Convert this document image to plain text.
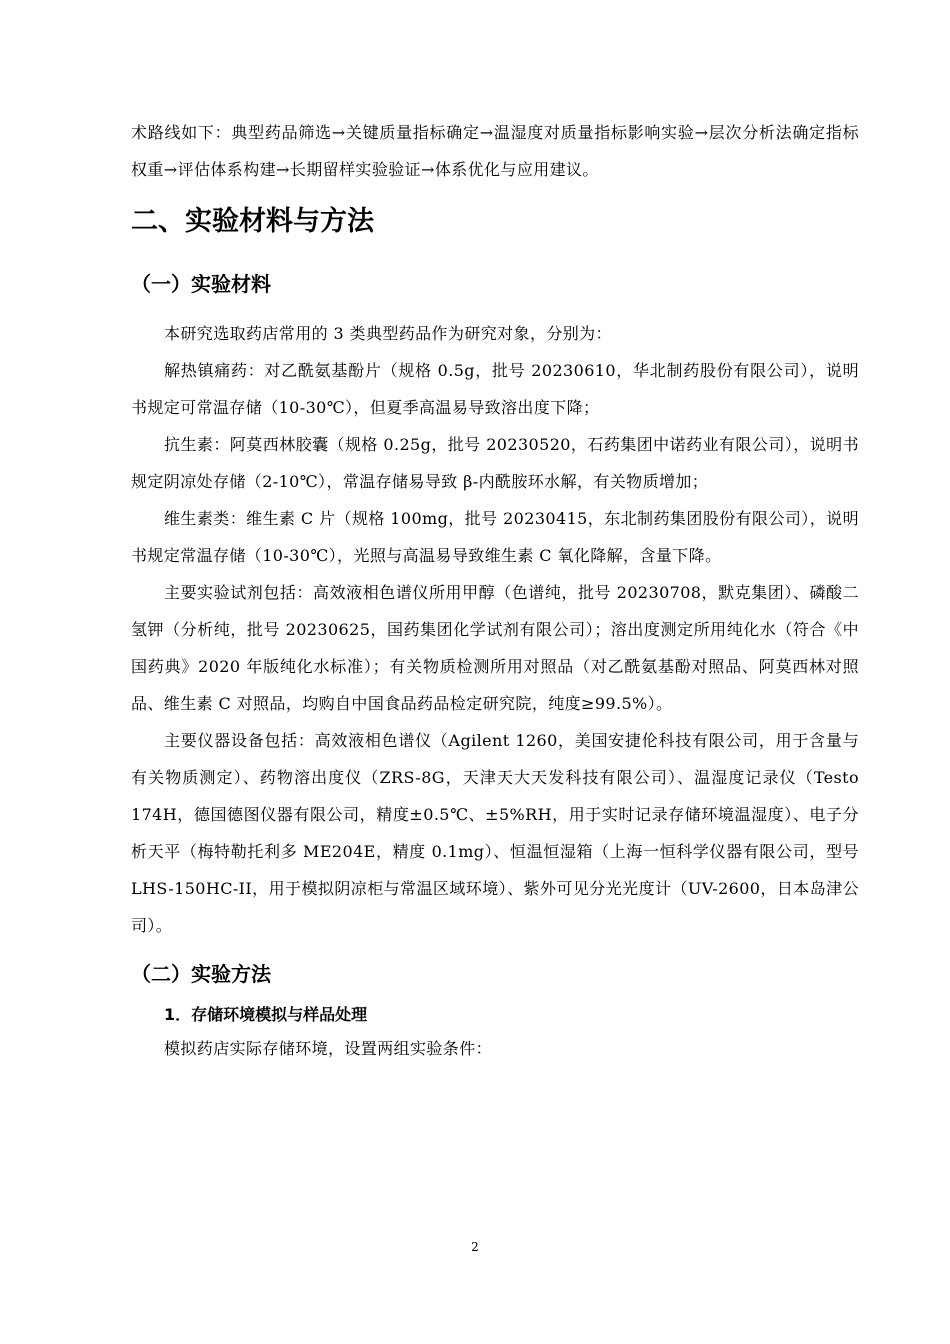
术路线如下：典型药品筛选→关键质量指标确定→温湿度对质量指标影响实验→层次分析法确定指标权重→评估体系构建→长期留样实验验证→体系优化与应用建议。

二、实验材料与方法
（一）实验材料

本研究选取药店常用的 3 类典型药品作为研究对象，分别为：

解热镇痛药：对乙酰氨基酚片（规格 0.5g，批号 20230610，华北制药股份有限公司），说明书规定可常温存储（10-30℃），但夏季高温易导致溶出度下降；

抗生素：阿莫西林胶囊（规格 0.25g，批号 20230520，石药集团中诺药业有限公司），说明书规定阴凉处存储（2-10℃），常温存储易导致 β-内酰胺环水解，有关物质增加；

维生素类：维生素 C 片（规格 100mg，批号 20230415，东北制药集团股份有限公司），说明书规定常温存储（10-30℃），光照与高温易导致维生素 C 氧化降解，含量下降。

主要实验试剂包括：高效液相色谱仪所用甲醇（色谱纯，批号 20230708，默克集团）、磷酸二氢钾（分析纯，批号 20230625，国药集团化学试剂有限公司）；溶出度测定所用纯化水（符合《中国药典》2020 年版纯化水标准）；有关物质检测所用对照品（对乙酰氨基酚对照品、阿莫西林对照品、维生素 C 对照品，均购自中国食品药品检定研究院，纯度≥99.5%）。

主要仪器设备包括：高效液相色谱仪（Agilent 1260，美国安捷伦科技有限公司，用于含量与有关物质测定）、药物溶出度仪（ZRS-8G，天津天大天发科技有限公司）、温湿度记录仪（Testo 174H，德国德图仪器有限公司，精度±0.5℃、±5%RH，用于实时记录存储环境温湿度）、电子分析天平（梅特勒托利多 ME204E，精度 0.1mg）、恒温恒湿箱（上海一恒科学仪器有限公司，型号 LHS-150HC-II，用于模拟阴凉柜与常温区域环境）、紫外可见分光光度计（UV-2600，日本岛津公司）。

（二）实验方法
1．存储环境模拟与样品处理

模拟药店实际存储环境，设置两组实验条件：

2
